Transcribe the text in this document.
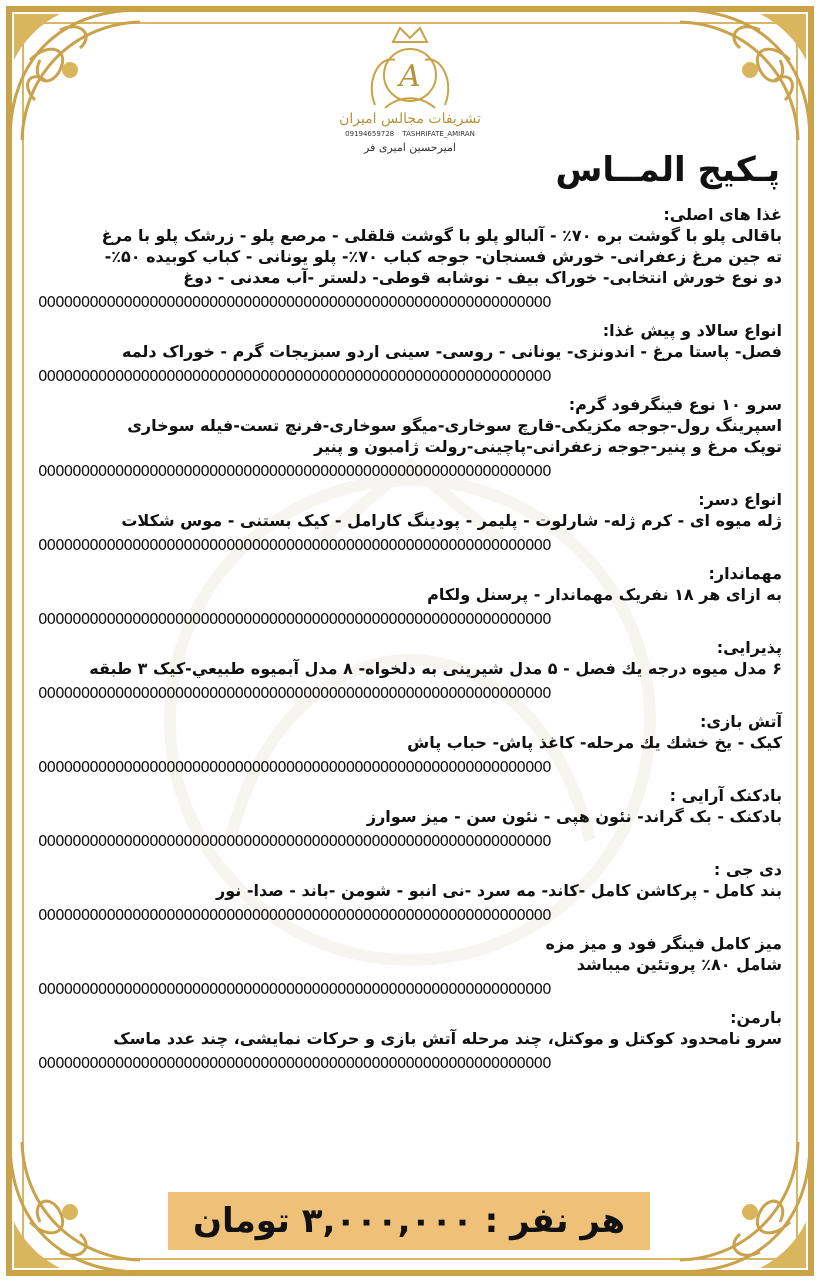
A
تشریفات مجالس امیران
09194659728 TASHRIFATE_AMIRAN
امیرحسین امیری فر
پـکیج المــاس
غذا های اصلی:
باقالی پلو با گوشت بره ۷۰٪ - آلبالو پلو با گوشت قلقلی - مرصع پلو - زرشک پلو با مرغ
ته جین مرغ زعفرانی- خورش فسنجان- جوجه کباب ۷۰٪- پلو یونانی - کباب کوبیده ۵۰٪-
دو نوع خورش انتخابی- خوراک بیف - نوشابه قوطی- دلستر -آب معدنی - دوغ
000000000000000000000000000000000000000000000000000000000000
انواع سالاد و پیش غذا:
فصل- پاستا مرغ - اندونزی- یونانی - روسی- سینی اردو سبزیجات گرم - خوراک دلمه
000000000000000000000000000000000000000000000000000000000000
سرو ۱۰ نوع فینگرفود گرم:
اسپرینگ رول-جوجه مکزیکی-قارچ سوخاری-میگو سوخاری-فرنچ تست-فیله سوخاری
توپک مرغ و پنیر-جوجه زعفرانی-پاچینی-رولت ژامبون و پنیر
000000000000000000000000000000000000000000000000000000000000
انواع دسر:
ژله میوه ای - کرم ژله- شارلوت - پلیمر - پودینگ کارامل - کیک بستنی - موس شکلات
000000000000000000000000000000000000000000000000000000000000
مهماندار:
به ازای هر ۱۸ نفریک مهماندار - پرسنل ولکام
000000000000000000000000000000000000000000000000000000000000
پذیرایی:
۶ مدل میوه درجه یك فصل - ۵ مدل شیرینی به دلخواه- ۸ مدل آبمیوه طبیعي-کیک ۳ طبقه
000000000000000000000000000000000000000000000000000000000000
آتش بازی:
کیک - یخ خشك یك مرحله- كاغذ پاش- حباب پاش
000000000000000000000000000000000000000000000000000000000000
بادکنک آرایی :
بادکنک - بک گراند- نئون هپی - نئون سن - میز سوارز
000000000000000000000000000000000000000000000000000000000000
دی جی :
بند کامل - پرکاشن کامل -کاند- مه سرد -نی انبو - شومن -باند - صدا- نور
000000000000000000000000000000000000000000000000000000000000
میز کامل فینگر فود و میز مزه
شامل ۸۰٪ پروتئین میباشد
000000000000000000000000000000000000000000000000000000000000
بارمن:
سرو نامحدود کوکتل و موکتل، چند مرحله آتش بازی و حرکات نمایشی، چند عدد ماسک
000000000000000000000000000000000000000000000000000000000000
هر نفر : ۳,۰۰۰,۰۰۰ تومان
